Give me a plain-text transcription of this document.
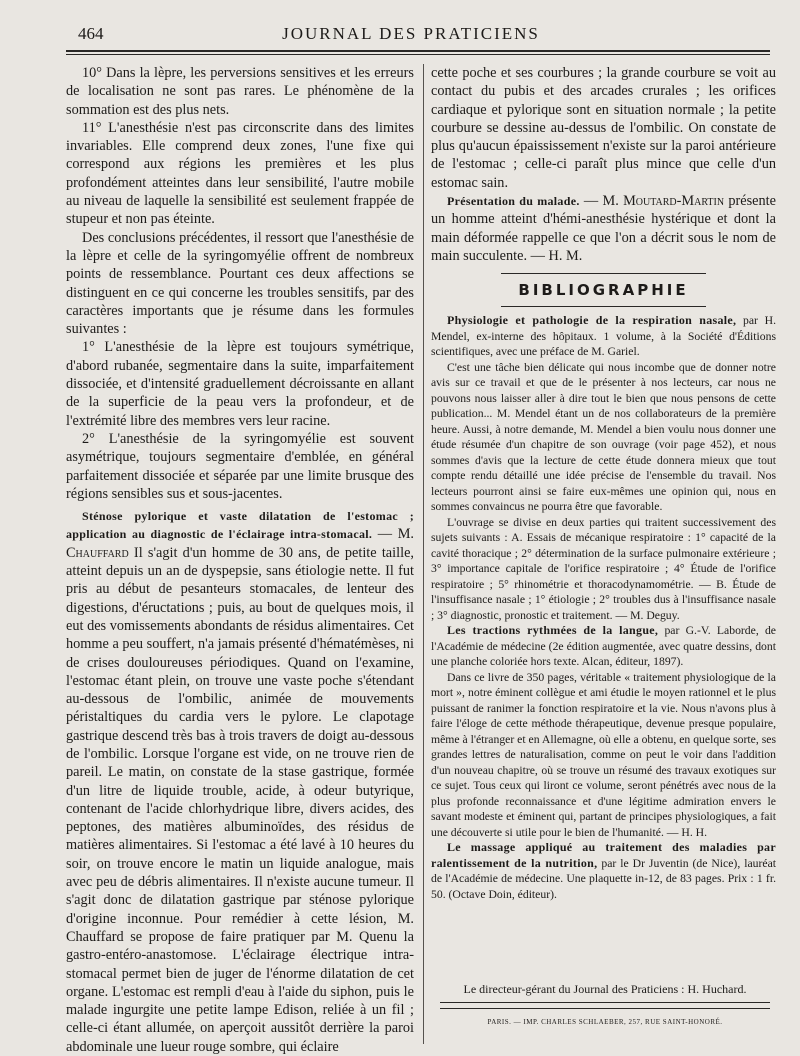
464	JOURNAL DES PRATICIENS

10° Dans la lèpre, les perversions sensitives et les erreurs de localisation ne sont pas rares. Le phénomène de la sommation est des plus nets.

11° L'anesthésie n'est pas circonscrite dans des limites invariables. Elle comprend deux zones, l'une fixe qui correspond aux régions les premières et les plus profondément atteintes dans leur sensibilité, l'autre mobile au niveau de laquelle la sensibilité est seulement frappée de stupeur et non pas éteinte.

Des conclusions précédentes, il ressort que l'anesthésie de la lèpre et celle de la syringomyélie offrent de nombreux points de ressemblance. Pourtant ces deux affections se distinguent en ce qui concerne les troubles sensitifs, par des caractères importants que je résume dans les formules suivantes :

1° L'anesthésie de la lèpre est toujours symétrique, d'abord rubanée, segmentaire dans la suite, imparfaitement dissociée, et d'intensité graduellement décroissante en allant de la superficie de la peau vers la profondeur, et de l'extrémité libre des membres vers leur racine.

2° L'anesthésie de la syringomyélie est souvent asymétrique, toujours segmentaire d'emblée, en général parfaitement dissociée et séparée par une limite brusque des régions sensibles sus et sous-jacentes.

Sténose pylorique et vaste dilatation de l'estomac ; application au diagnostic de l'éclairage intra-stomacal. — M. Chauffard Il s'agit d'un homme de 30 ans, de petite taille, atteint depuis un an de dyspepsie, sans étiologie nette. Il fut pris au début de pesanteurs stomacales, de lenteur des digestions, d'éructations ; puis, au bout de quelques mois, il eut des vomissements abondants de résidus alimentaires. Cet homme a peu souffert, n'a jamais présenté d'hématémèses, ni de crises douloureuses périodiques. Quand on l'examine, l'estomac étant plein, on trouve une vaste poche s'étendant au-dessous de l'ombilic, animée de mouvements péristaltiques du cardia vers le pylore. Le clapotage gastrique descend très bas à trois travers de doigt au-dessous de l'ombilic. Lorsque l'organe est vide, on ne trouve rien de pareil. Le matin, on constate de la stase gastrique, formée d'un litre de liquide trouble, acide, à odeur butyrique, contenant de l'acide chlorhydrique libre, divers acides, des peptones, des matières albuminoïdes, des résidus de matières alimentaires. Si l'estomac a été lavé à 10 heures du soir, on trouve encore le matin un liquide analogue, mais avec peu de débris alimentaires. Il n'existe aucune tumeur. Il s'agit donc de dilatation gastrique par sténose pylorique d'origine inconnue. Pour remédier à cette lésion, M. Chauffard se propose de faire pratiquer par M. Quenu la gastro-entéro-anastomose. L'éclairage électrique intra-stomacal permet bien de juger de l'énorme dilatation de cet organe. L'estomac est rempli d'eau à l'aide du siphon, puis le malade ingurgite une petite lampe Edison, reliée à un fil ; celle-ci étant allumée, on aperçoit aussitôt derrière la paroi abdominale une lueur rouge sombre, qui éclaire

cette poche et ses courbures ; la grande courbure se voit au contact du pubis et des arcades crurales ; les orifices cardiaque et pylorique sont en situation normale ; la petite courbure se dessine au-dessus de l'ombilic. On constate de plus qu'aucun épaississement n'existe sur la paroi antérieure de l'estomac ; celle-ci paraît plus mince que celle d'un estomac sain.

Présentation du malade. — M. Moutard-Martin présente un homme atteint d'hémi-anesthésie hystérique et dont la main déformée rappelle ce que l'on a décrit sous le nom de main succulente. — H. M.

BIBLIOGRAPHIE

Physiologie et pathologie de la respiration nasale, par H. Mendel, ex-interne des hôpitaux. 1 volume, à la Société d'Éditions scientifiques, avec une préface de M. Gariel.

C'est une tâche bien délicate qui nous incombe que de donner notre avis sur ce travail et que de le présenter à nos lecteurs, car nous ne pouvons nous laisser aller à dire tout le bien que nous pensons de cette publication... M. Mendel étant un de nos collaborateurs de la première heure. Aussi, à notre demande, M. Mendel a bien voulu nous donner une étude résumée d'un chapitre de son ouvrage (voir page 452), et nous sommes d'avis que la lecture de cette étude donnera mieux que tout compte rendu détaillé une idée précise de l'ensemble du travail. Nos lecteurs pourront ainsi se faire eux-mêmes une opinion qui, nous en sommes convaincus ne pourra être que favorable.

L'ouvrage se divise en deux parties qui traitent successivement des sujets suivants : A. Essais de mécanique respiratoire : 1° capacité de la cavité thoracique ; 2° détermination de la surface pulmonaire extérieure ; 3° importance capitale de l'orifice respiratoire ; 4° Étude de l'orifice respiratoire ; 5° rhinométrie et thoracodynamométrie. — B. Étude de l'insuffisance nasale ; 1° étiologie ; 2° troubles dus à l'insuffisance nasale ; 3° diagnostic, pronostic et traitement. — M. Deguy.

Les tractions rythmées de la langue, par G.-V. Laborde, de l'Académie de médecine (2e édition augmentée, avec quatre dessins, dont une planche coloriée hors texte. Alcan, éditeur, 1897).

Dans ce livre de 350 pages, véritable « traitement physiologique de la mort », notre éminent collègue et ami étudie le moyen rationnel et le plus puissant de ranimer la fonction respiratoire et la vie. Nous n'avons plus à faire l'éloge de cette méthode thérapeutique, devenue presque populaire, même à l'étranger et en Allemagne, où elle a obtenu, en quelque sorte, ses grandes lettres de naturalisation, comme on peut le voir dans l'addition d'un nouveau chapitre, où se trouve un résumé des travaux exotiques sur ce sujet. Tous ceux qui liront ce volume, seront pénétrés avec nous de la plus profonde reconnaissance et d'une légitime admiration envers le savant modeste et éminent qui, partant de principes physiologiques, a fait une découverte si utile pour le bien de l'humanité. — H. H.

Le massage appliqué au traitement des maladies par ralentissement de la nutrition, par le Dr Juventin (de Nice), lauréat de l'Académie de médecine. Une plaquette in-12, de 83 pages. Prix : 1 fr. 50. (Octave Doin, éditeur).

Le directeur-gérant du Journal des Praticiens : H. Huchard.
PARIS. — IMP. CHARLES SCHLAEBER, 257, RUE SAINT-HONORÉ.
